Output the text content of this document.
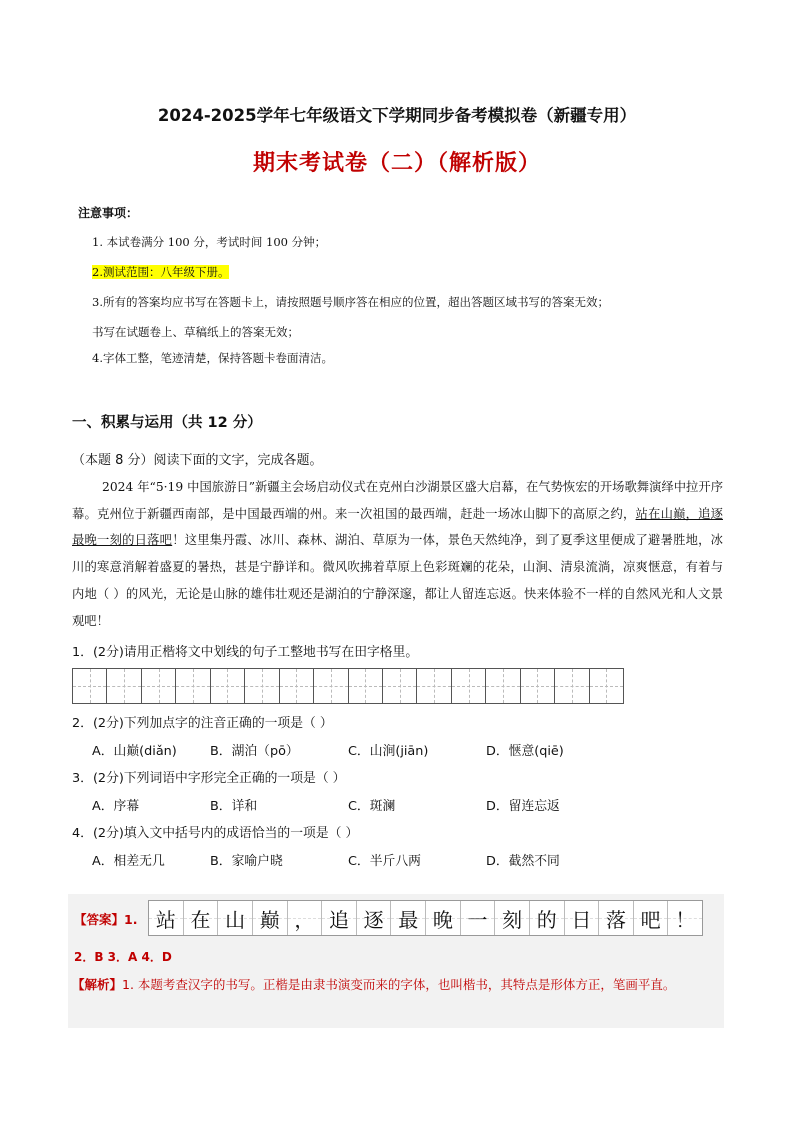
2024-2025学年七年级语文下学期同步备考模拟卷（新疆专用）
期末考试卷（二）（解析版）
注意事项：
1. 本试卷满分 100 分，考试时间 100 分钟；
2.测试范围：八年级下册。
3.所有的答案均应书写在答题卡上，请按照题号顺序答在相应的位置，超出答题区域书写的答案无效；
书写在试题卷上、草稿纸上的答案无效；
4.字体工整，笔迹清楚，保持答题卡卷面清洁。
一、积累与运用（共 12 分）
（本题 8 分）阅读下面的文字，完成各题。
2024 年“5·19 中国旅游日”新疆主会场启动仪式在克州白沙湖景区盛大启幕，在气势恢宏的开场歌舞演绎中拉开序幕。克州位于新疆西南部，是中国最西端的州。来一次祖国的最西端，赶赴一场冰山脚下的高原之约，站在山巅，追逐最晚一刻的日落吧！这里集丹霞、冰川、森林、湖泊、草原为一体，景色天然纯净，到了夏季这里便成了避暑胜地，冰川的寒意消解着盛夏的暑热，甚是宁静详和。微风吹拂着草原上色彩斑斓的花朵，山涧、清泉流淌，凉爽惬意，有着与内地（ ）的风光，无论是山脉的雄伟壮观还是湖泊的宁静深邃，都让人留连忘返。快来体验不一样的自然风光和人文景观吧！
1．(2分)请用正楷将文中划线的句子工整地书写在田字格里。
2．(2分)下列加点字的注音正确的一项是（ ）
A．山巅(diǎn)	B．湖泊（pō）	C．山涧(jiān)	D．惬意(qiē)
3．(2分)下列词语中字形完全正确的一项是（ ）
A．序幕	B．详和	C．斑澜	D．留连忘返
4．(2分)填入文中括号内的成语恰当的一项是（ ）
A．相差无几	B．家喻户晓	C．半斤八两	D．截然不同
【答案】1. 站 在 山 巅 ， 追 逐 最 晚 一 刻 的 日 落 吧 ！
2．B 3．A 4．D
【解析】1. 本题考查汉字的书写。正楷是由隶书演变而来的字体，也叫楷书，其特点是形体方正，笔画平直。
